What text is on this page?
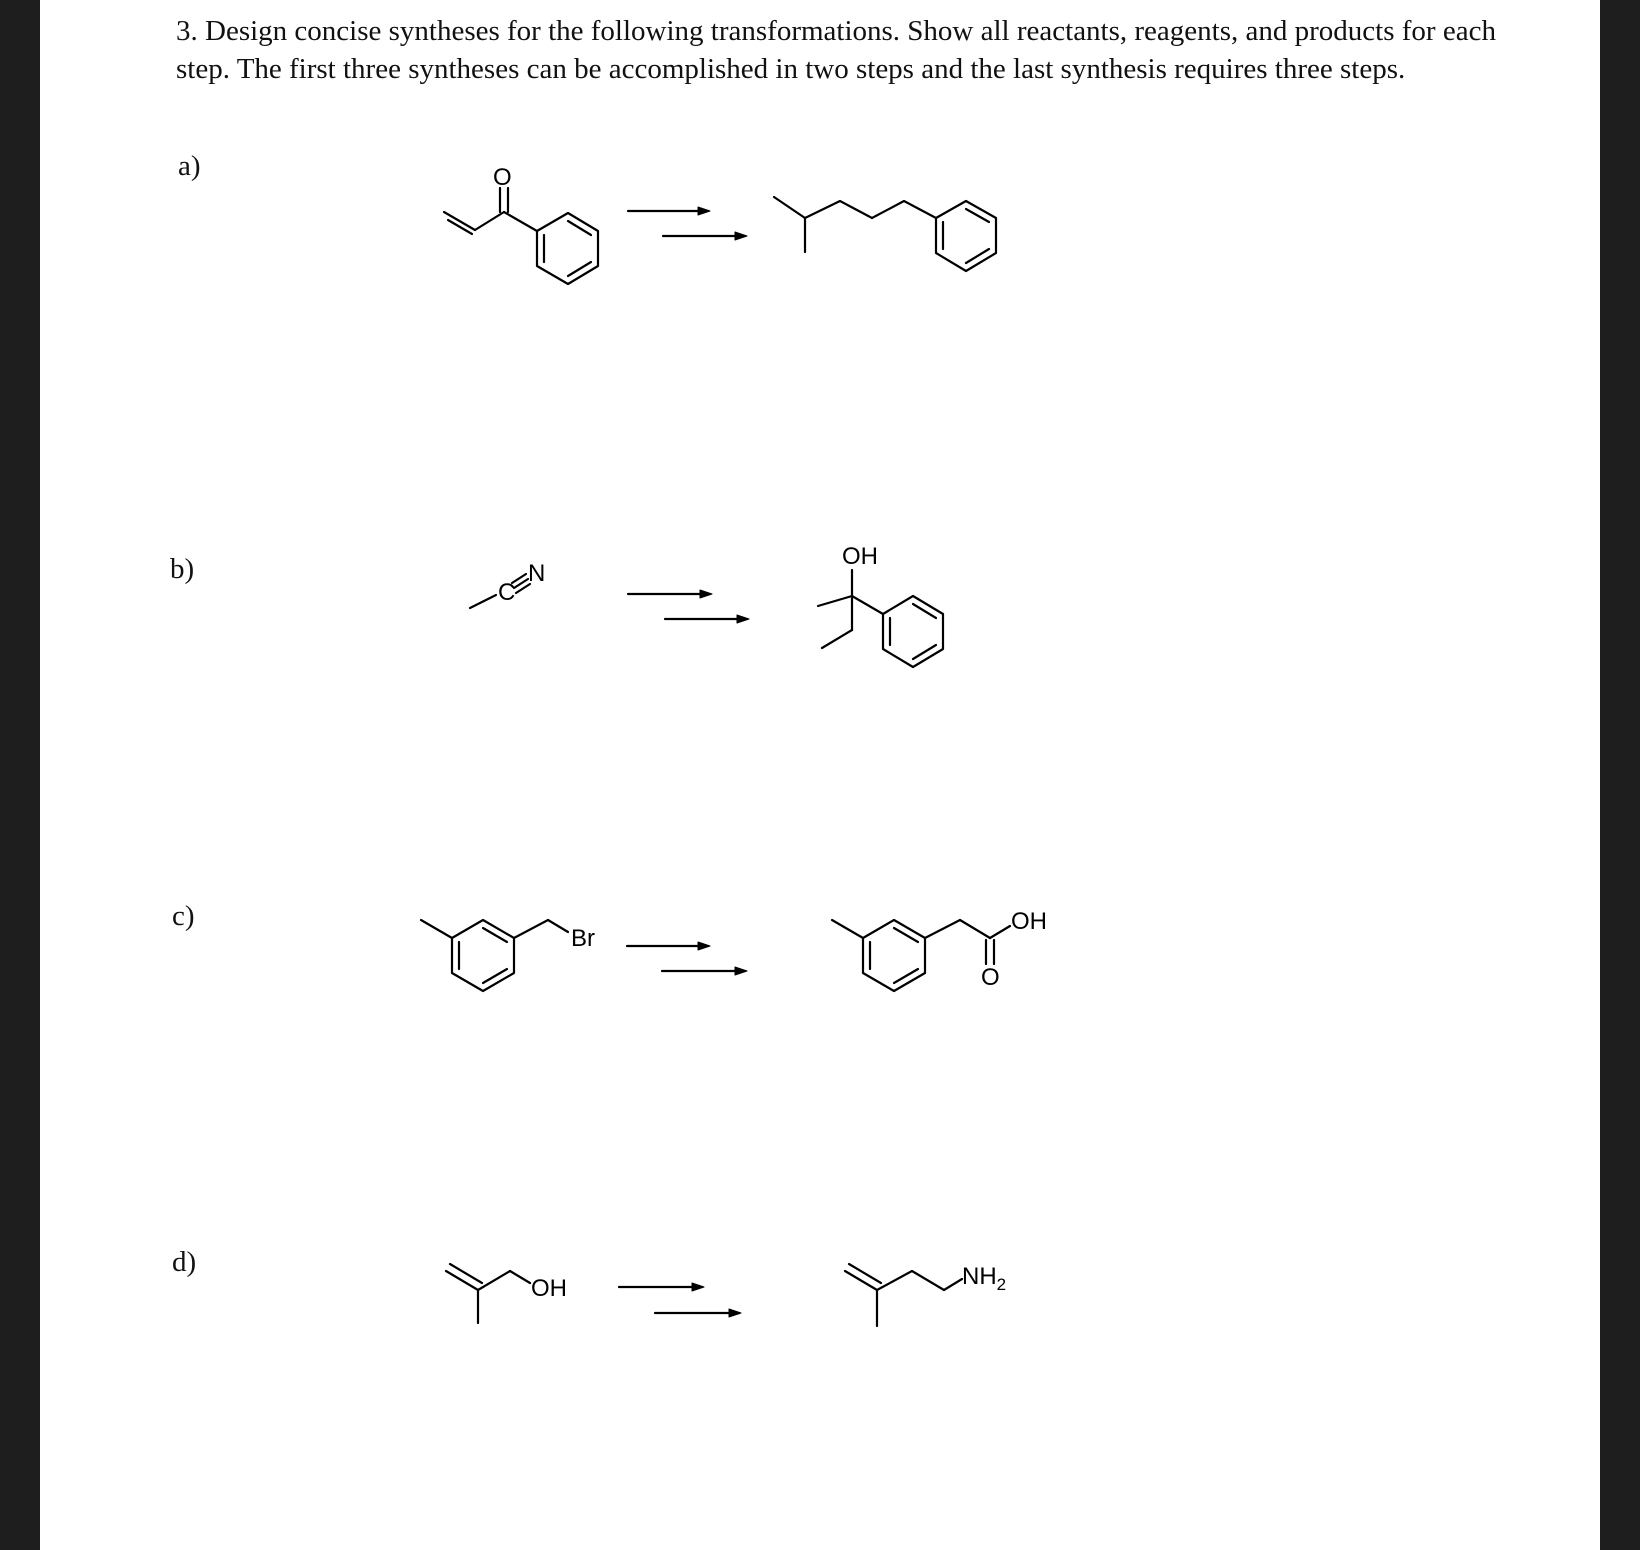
3. Design concise syntheses for the following transformations. Show all reactants, reagents, and products for each step. The first three syntheses can be accomplished in two steps and the last synthesis requires three steps.

a)
b)
c)
d)
O
C
N
OH
Br
OH
O
OH	$NH_2$
